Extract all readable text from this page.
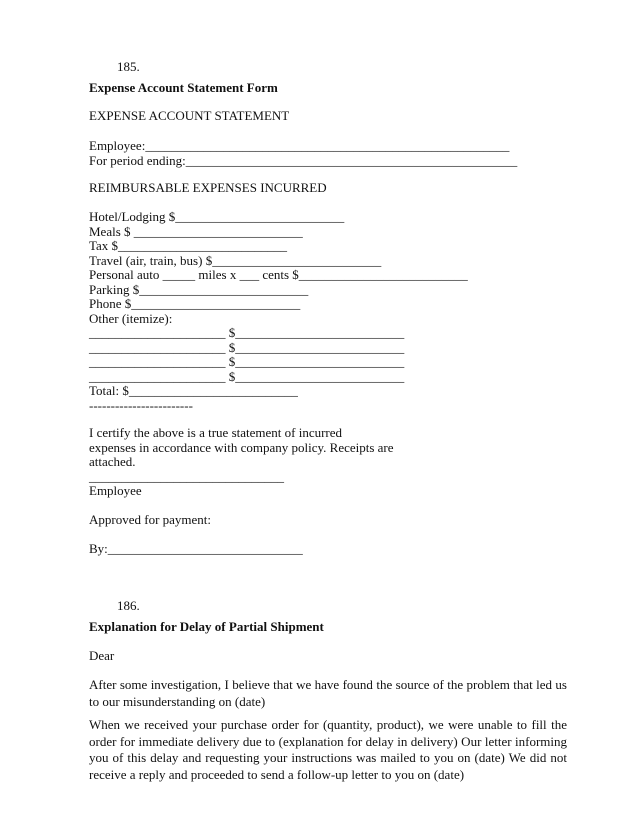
185.

Expense Account Statement Form

EXPENSE ACCOUNT STATEMENT

Employee:________________________________________________________

For period ending:___________________________________________________

REIMBURSABLE EXPENSES INCURRED

Hotel/Lodging $__________________________

Meals $ __________________________

Tax $__________________________

Travel (air, train, bus) $__________________________

Personal auto _____ miles x ___ cents $__________________________

Parking $__________________________

Phone $__________________________

Other (itemize):

_____________________ $__________________________

_____________________ $__________________________

_____________________ $__________________________

_____________________ $__________________________

Total: $__________________________

------------------------

I certify the above is a true statement of incurred

expenses in accordance with company policy. Receipts are

attached.

______________________________

Employee

Approved for payment:

By:______________________________

186.

Explanation for Delay of Partial Shipment

Dear

After some investigation, I believe that we have found the source of the problem that led us to our misunderstanding on (date)

When we received your purchase order for (quantity, product), we were unable to fill the order for immediate delivery due to (explanation for delay in delivery) Our letter informing you of this delay and requesting your instructions was mailed to you on (date) We did not receive a reply and proceeded to send a follow-up letter to you on (date)
